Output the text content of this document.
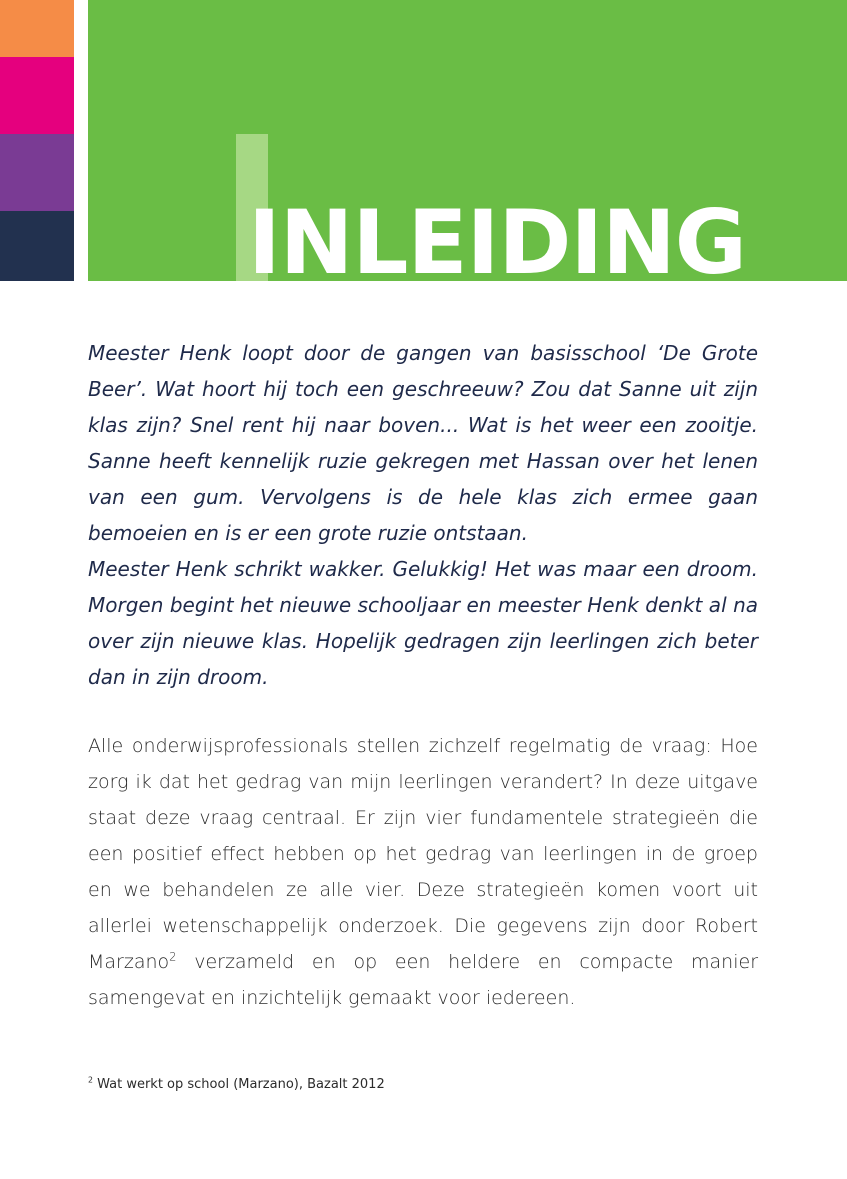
INLEIDING

Meester Henk loopt door de gangen van basisschool ‘De Grote Beer’. Wat hoort hij toch een geschreeuw? Zou dat Sanne uit zijn klas zijn? Snel rent hij naar boven... Wat is het weer een zooitje. Sanne heeft kennelijk ruzie gekregen met Hassan over het lenen van een gum. Vervolgens is de hele klas zich ermee gaan bemoeien en is er een grote ruzie ontstaan.

Meester Henk schrikt wakker. Gelukkig! Het was maar een droom. Morgen begint het nieuwe schooljaar en meester Henk denkt al na over zijn nieuwe klas. Hopelijk gedragen zijn leerlingen zich beter dan in zijn droom.

Alle onderwijsprofessionals stellen zichzelf regelmatig de vraag: Hoe zorg ik dat het gedrag van mijn leerlingen verandert? In deze uitgave staat deze vraag centraal. Er zijn vier fundamentele strategieën die een positief effect hebben op het gedrag van leerlingen in de groep en we behandelen ze alle vier. Deze strategieën komen voort uit allerlei wetenschappelijk onderzoek. Die gegevens zijn door Robert Marzano$^2$ verzameld en op een heldere en compacte manier samengevat en inzichtelijk gemaakt voor iedereen.

$^2$ Wat werkt op school (Marzano), Bazalt 2012
